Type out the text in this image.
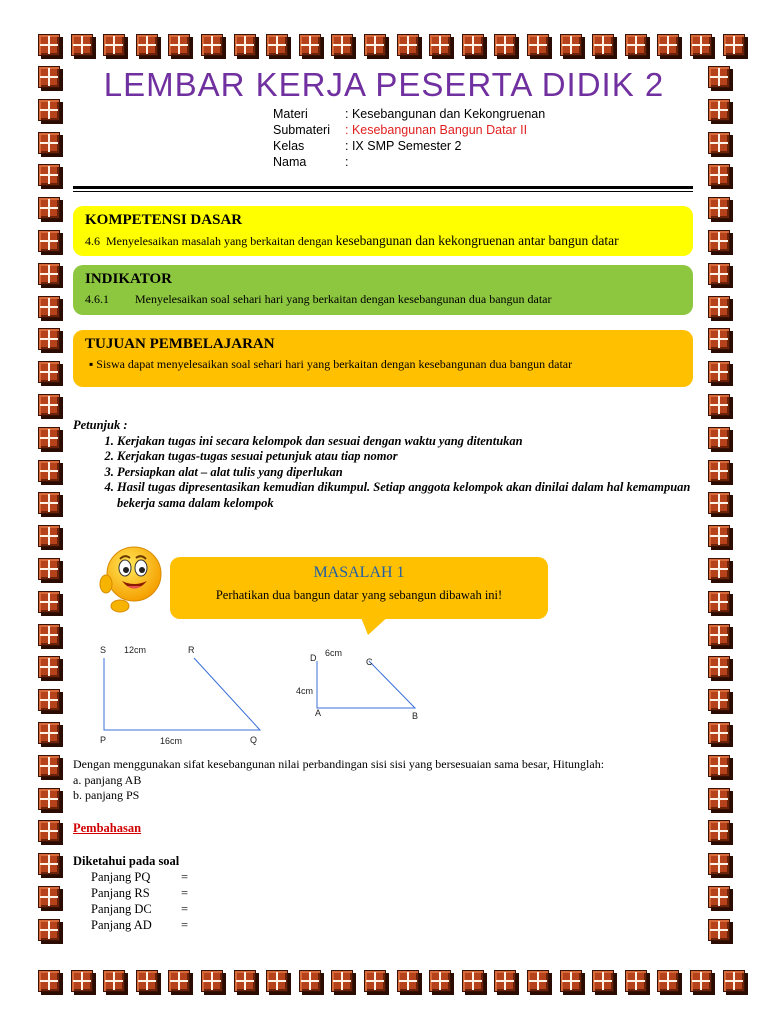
LEMBAR KERJA PESERTA DIDIK 2
Materi	: Kesebangunan dan Kekongruenan
Submateri	: Kesebangunan Bangun Datar II
Kelas	: IX SMP Semester 2
Nama	:
KOMPETENSI DASAR
4.6 Menyelesaikan masalah yang berkaitan dengan kesebangunan dan kekongruenan antar bangun datar
INDIKATOR
4.6.1 Menyelesaikan soal sehari hari yang berkaitan dengan kesebangunan dua bangun datar
TUJUAN PEMBELAJARAN
▪ Siswa dapat menyelesaikan soal sehari hari yang berkaitan dengan kesebangunan dua bangun datar
Petunjuk :
1. Kerjakan tugas ini secara kelompok dan sesuai dengan waktu yang ditentukan
2. Kerjakan tugas-tugas sesuai petunjuk atau tiap nomor
3. Persiapkan alat – alat tulis yang diperlukan
4. Hasil tugas dipresentasikan kemudian dikumpul. Setiap anggota kelompok akan dinilai dalam hal kemampuan bekerja sama dalam kelompok
MASALAH 1
Perhatikan dua bangun datar yang sebangun dibawah ini!
S 12cm	R
P	16cm	Q
D 6cm
C
4cm
A	B
Dengan menggunakan sifat kesebangunan nilai perbandingan sisi sisi yang bersesuaian sama besar, Hitunglah:
a. panjang AB
b. panjang PS
Pembahasan
Diketahui pada soal
Panjang PQ	=
Panjang RS	=
Panjang DC	=
Panjang AD	=
